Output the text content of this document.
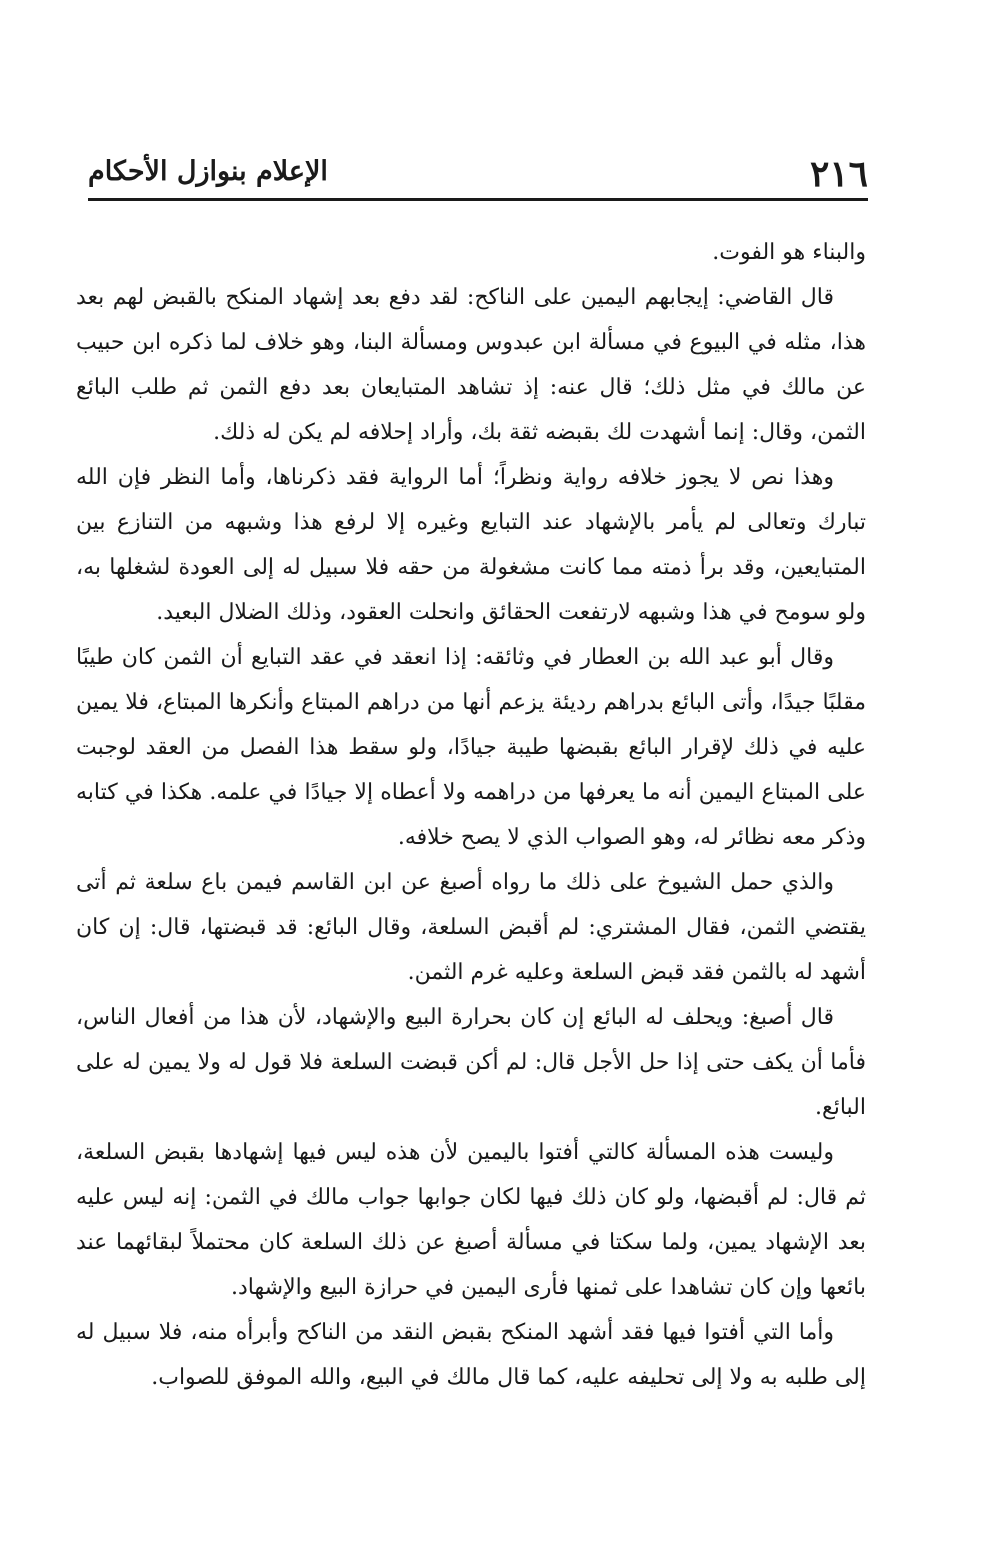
٢١٦
الإعلام بنوازل الأحكام

والبناء هو الفوت.

قال القاضي: إيجابهم اليمين على الناكح: لقد دفع بعد إشهاد المنكح بالقبض لهم بعد هذا، مثله في البيوع في مسألة ابن عبدوس ومسألة البنا، وهو خلاف لما ذكره ابن حبيب عن مالك في مثل ذلك؛ قال عنه: إذ تشاهد المتبايعان بعد دفع الثمن ثم طلب البائع الثمن، وقال: إنما أشهدت لك بقبضه ثقة بك، وأراد إحلافه لم يكن له ذلك.

وهذا نص لا يجوز خلافه رواية ونظراً؛ أما الرواية فقد ذكرناها، وأما النظر فإن الله تبارك وتعالى لم يأمر بالإشهاد عند التبايع وغيره إلا لرفع هذا وشبهه من التنازع بين المتبايعين، وقد برأ ذمته مما كانت مشغولة من حقه فلا سبيل له إلى العودة لشغلها به، ولو سومح في هذا وشبهه لارتفعت الحقائق وانحلت العقود، وذلك الضلال البعيد.

وقال أبو عبد الله بن العطار في وثائقه: إذا انعقد في عقد التبايع أن الثمن كان طيبًا مقلبًا جيدًا، وأتى البائع بدراهم رديئة يزعم أنها من دراهم المبتاع وأنكرها المبتاع، فلا يمين عليه في ذلك لإقرار البائع بقبضها طيبة جيادًا، ولو سقط هذا الفصل من العقد لوجبت على المبتاع اليمين أنه ما يعرفها من دراهمه ولا أعطاه إلا جيادًا في علمه. هكذا في كتابه وذكر معه نظائر له، وهو الصواب الذي لا يصح خلافه.

والذي حمل الشيوخ على ذلك ما رواه أصبغ عن ابن القاسم فيمن باع سلعة ثم أتى يقتضي الثمن، فقال المشتري: لم أقبض السلعة، وقال البائع: قد قبضتها، قال: إن كان أشهد له بالثمن فقد قبض السلعة وعليه غرم الثمن.

قال أصبغ: ويحلف له البائع إن كان بحرارة البيع والإشهاد، لأن هذا من أفعال الناس، فأما أن يكف حتى إذا حل الأجل قال: لم أكن قبضت السلعة فلا قول له ولا يمين له على البائع.

وليست هذه المسألة كالتي أفتوا باليمين لأن هذه ليس فيها إشهادها بقبض السلعة، ثم قال: لم أقبضها، ولو كان ذلك فيها لكان جوابها جواب مالك في الثمن: إنه ليس عليه بعد الإشهاد يمين، ولما سكتا في مسألة أصبغ عن ذلك السلعة كان محتملاً لبقائهما عند بائعها وإن كان تشاهدا على ثمنها فأرى اليمين في حرازة البيع والإشهاد.

وأما التي أفتوا فيها فقد أشهد المنكح بقبض النقد من الناكح وأبرأه منه، فلا سبيل له إلى طلبه به ولا إلى تحليفه عليه، كما قال مالك في البيع، والله الموفق للصواب.
